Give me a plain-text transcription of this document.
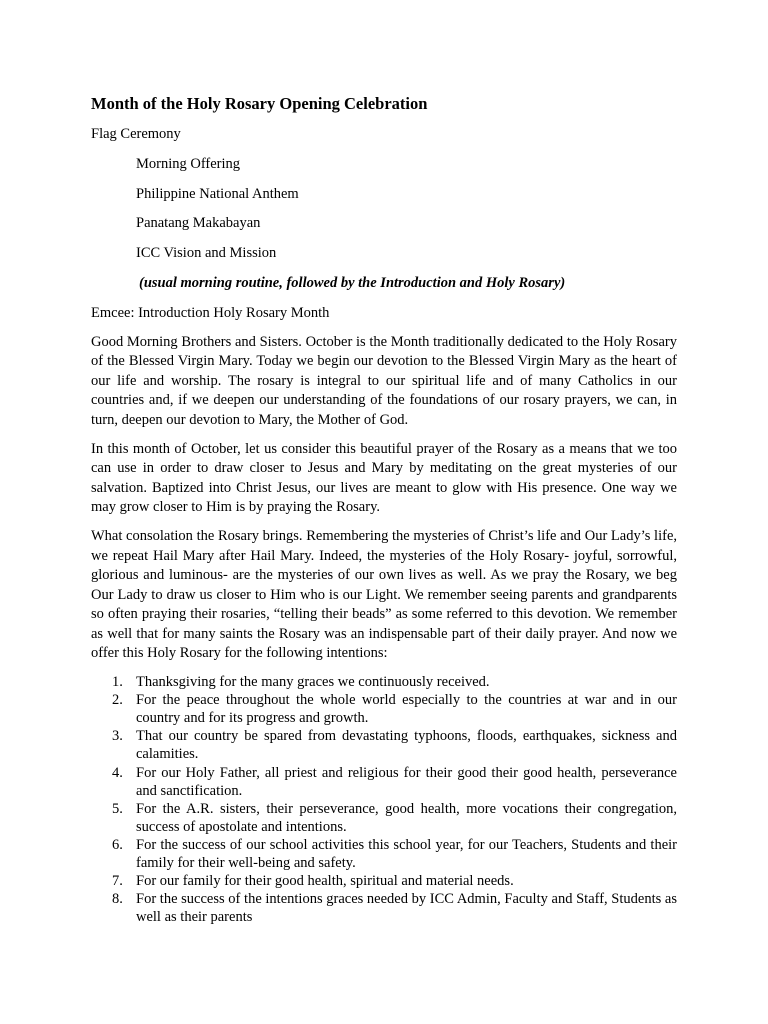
Month of the Holy Rosary Opening Celebration
Flag Ceremony
Morning Offering
Philippine National Anthem
Panatang Makabayan
ICC Vision and Mission
(usual morning routine, followed by the Introduction and Holy Rosary)
Emcee: Introduction Holy Rosary Month

Good Morning Brothers and Sisters. October is the Month traditionally dedicated to the Holy Rosary of the Blessed Virgin Mary. Today we begin our devotion to the Blessed Virgin Mary as the heart of our life and worship. The rosary is integral to our spiritual life and of many Catholics in our countries and, if we deepen our understanding of the foundations of our rosary prayers, we can, in turn, deepen our devotion to Mary, the Mother of God.

In this month of October, let us consider this beautiful prayer of the Rosary as a means that we too can use in order to draw closer to Jesus and Mary by meditating on the great mysteries of our salvation. Baptized into Christ Jesus, our lives are meant to glow with His presence. One way we may grow closer to Him is by praying the Rosary.

What consolation the Rosary brings. Remembering the mysteries of Christ’s life and Our Lady’s life, we repeat Hail Mary after Hail Mary. Indeed, the mysteries of the Holy Rosary- joyful, sorrowful, glorious and luminous- are the mysteries of our own lives as well. As we pray the Rosary, we beg Our Lady to draw us closer to Him who is our Light. We remember seeing parents and grandparents so often praying their rosaries, “telling their beads” as some referred to this devotion. We remember as well that for many saints the Rosary was an indispensable part of their daily prayer. And now we offer this Holy Rosary for the following intentions:

1. Thanksgiving for the many graces we continuously received.
2. For the peace throughout the whole world especially to the countries at war and in our country and for its progress and growth.
3. That our country be spared from devastating typhoons, floods, earthquakes, sickness and calamities.
4. For our Holy Father, all priest and religious for their good their good health, perseverance and sanctification.
5. For the A.R. sisters, their perseverance, good health, more vocations their congregation, success of apostolate and intentions.
6. For the success of our school activities this school year, for our Teachers, Students and their family for their well-being and safety.
7. For our family for their good health, spiritual and material needs.
8. For the success of the intentions graces needed by ICC Admin, Faculty and Staff, Students as well as their parents
